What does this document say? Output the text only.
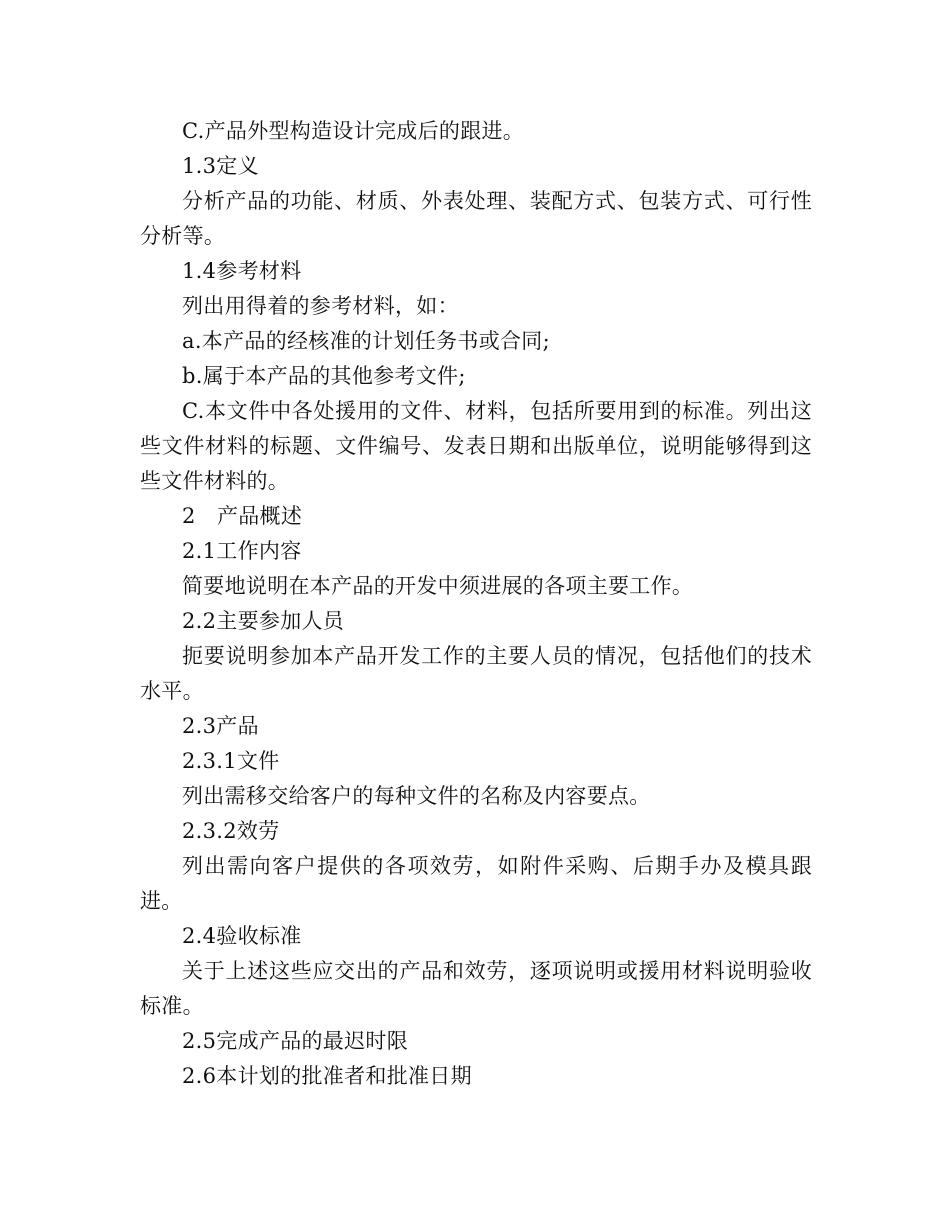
C.产品外型构造设计完成后的跟进。

1.3定义

分析产品的功能、材质、外表处理、装配方式、包装方式、可行性分析等。

1.4参考材料

列出用得着的参考材料，如：

a.本产品的经核准的计划任务书或合同;

b.属于本产品的其他参考文件;

C.本文件中各处援用的文件、材料，包括所要用到的标准。列出这些文件材料的标题、文件编号、发表日期和出版单位，说明能够得到这些文件材料的。

2　产品概述

2.1工作内容

简要地说明在本产品的开发中须进展的各项主要工作。

2.2主要参加人员

扼要说明参加本产品开发工作的主要人员的情况，包括他们的技术水平。

2.3产品

2.3.1文件

列出需移交给客户的每种文件的名称及内容要点。

2.3.2效劳

列出需向客户提供的各项效劳，如附件采购、后期手办及模具跟进。

2.4验收标准

关于上述这些应交出的产品和效劳，逐项说明或援用材料说明验收标准。

2.5完成产品的最迟时限

2.6本计划的批准者和批准日期
